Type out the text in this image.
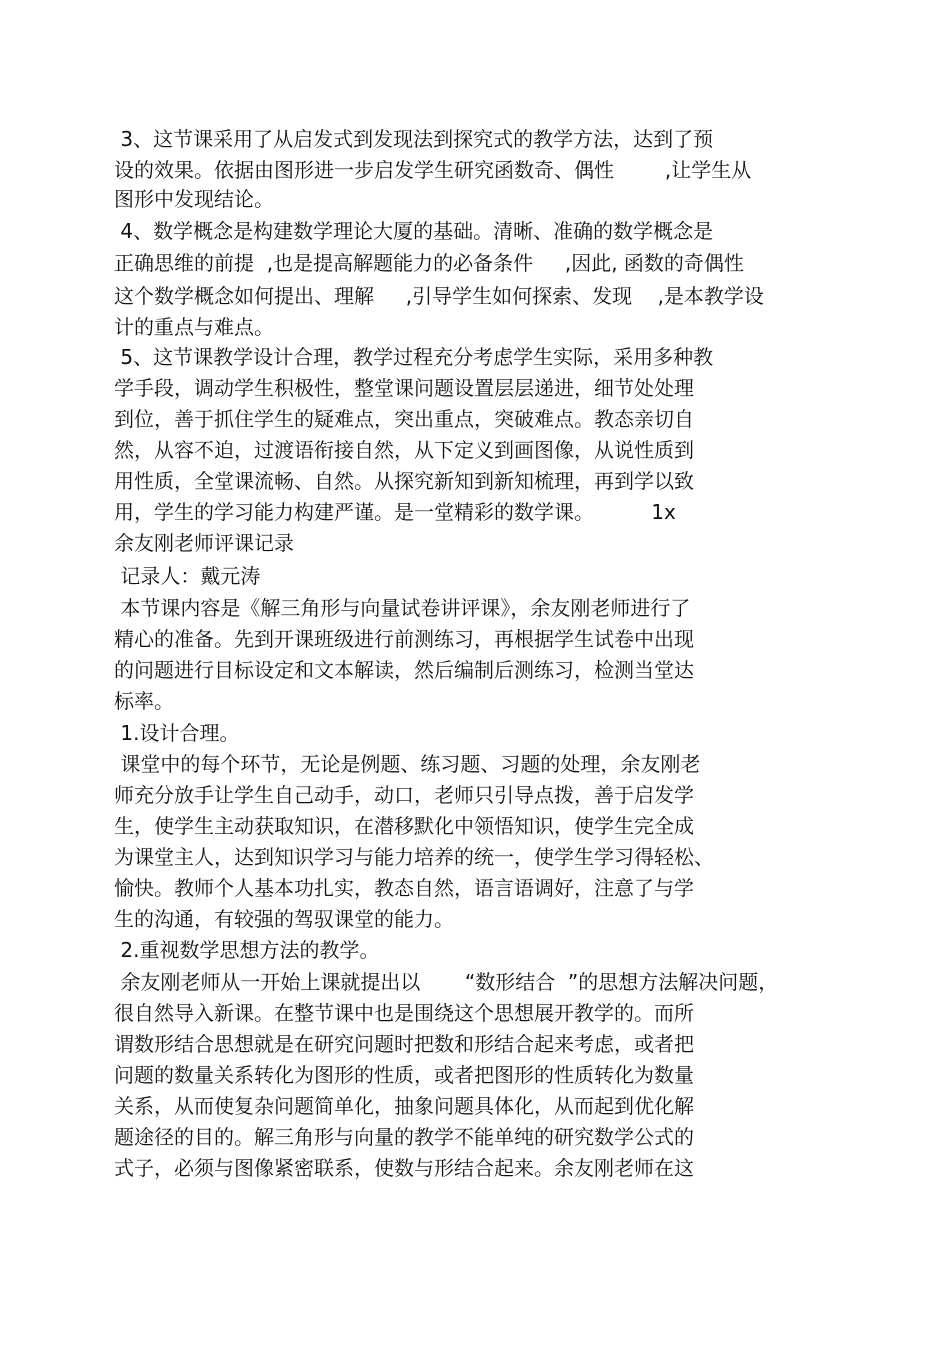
3、这节课采用了从启发式到发现法到探究式的教学方法，达到了预
设的效果。依据由图形进一步启发学生研究函数奇、偶性        ,让学生从
图形中发现结论。
4、数学概念是构建数学理论大厦的基础。清晰、准确的数学概念是
正确思维的前提  ,也是提高解题能力的必备条件     ,因此, 函数的奇偶性
这个数学概念如何提出、理解     ,引导学生如何探索、发现    ,是本教学设
计的重点与难点。
5、这节课教学设计合理，教学过程充分考虑学生实际，采用多种教
学手段，调动学生积极性，整堂课问题设置层层递进，细节处处理
到位，善于抓住学生的疑难点，突出重点，突破难点。教态亲切自
然，从容不迫，过渡语衔接自然，从下定义到画图像，从说性质到
用性质，全堂课流畅、自然。从探究新知到新知梳理，再到学以致
用，学生的学习能力构建严谨。是一堂精彩的数学课。         1x
余友刚老师评课记录
记录人：戴元涛
本节课内容是《解三角形与向量试卷讲评课》，余友刚老师进行了
精心的准备。先到开课班级进行前测练习，再根据学生试卷中出现
的问题进行目标设定和文本解读，然后编制后测练习，检测当堂达
标率。
1.设计合理。
课堂中的每个环节，无论是例题、练习题、习题的处理，余友刚老
师充分放手让学生自己动手，动口，老师只引导点拨，善于启发学
生，使学生主动获取知识，在潜移默化中领悟知识，使学生完全成
为课堂主人，达到知识学习与能力培养的统一，使学生学习得轻松、
愉快。教师个人基本功扎实，教态自然，语言语调好，注意了与学
生的沟通，有较强的驾驭课堂的能力。
2.重视数学思想方法的教学。
余友刚老师从一开始上课就提出以       “数形结合  ”的思想方法解决问题，
很自然导入新课。在整节课中也是围绕这个思想展开教学的。而所
谓数形结合思想就是在研究问题时把数和形结合起来考虑，或者把
问题的数量关系转化为图形的性质，或者把图形的性质转化为数量
关系，从而使复杂问题简单化，抽象问题具体化，从而起到优化解
题途径的目的。解三角形与向量的教学不能单纯的研究数学公式的
式子，必须与图像紧密联系，使数与形结合起来。余友刚老师在这
